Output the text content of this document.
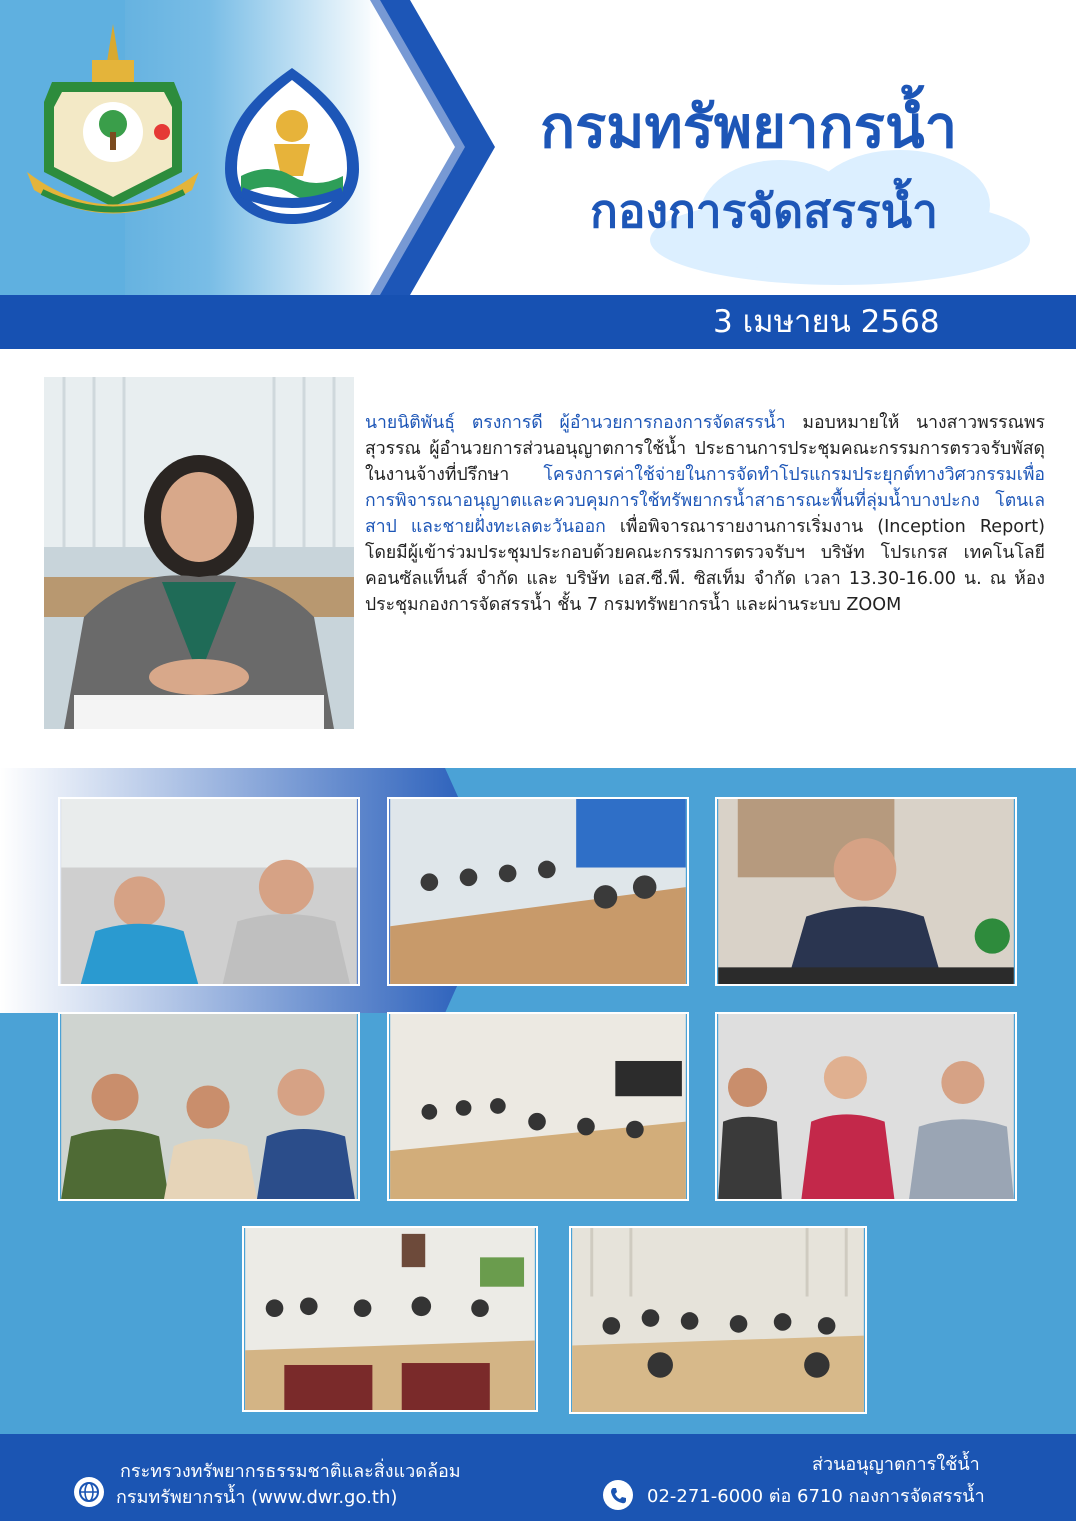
กรมทรัพยากรน้ำ
กองการจัดสรรน้ำ
3 เมษายน 2568
นายนิติพันธุ์ ตรงการดี ผู้อำนวยการกองการจัดสรรน้ำ มอบหมายให้ นางสาวพรรณพร สุวรรณ ผู้อำนวยการส่วนอนุญาตการใช้น้ำ ประธานการประชุมคณะกรรมการตรวจรับพัสดุในงานจ้างที่ปรึกษา โครงการค่าใช้จ่ายในการจัดทำโปรแกรมประยุกต์ทางวิศวกรรมเพื่อการพิจารณาอนุญาตและควบคุมการใช้ทรัพยากรน้ำสาธารณะพื้นที่ลุ่มน้ำบางปะกง โตนเลสาป และชายฝั่งทะเลตะวันออก เพื่อพิจารณารายงานการเริ่มงาน (Inception Report) โดยมีผู้เข้าร่วมประชุมประกอบด้วยคณะกรรมการตรวจรับฯ บริษัท โปรเกรส เทคโนโลยี คอนซัลแท็นส์ จำกัด และ บริษัท เอส.ซี.พี. ซิสเท็ม จำกัด เวลา 13.30-16.00 น. ณ ห้องประชุมกองการจัดสรรน้ำ ชั้น 7 กรมทรัพยากรน้ำ และผ่านระบบ ZOOM
กระทรวงทรัพยากรธรรมชาติและสิ่งแวดล้อม
กรมทรัพยากรน้ำ (www.dwr.go.th)
ส่วนอนุญาตการใช้น้ำ
02-271-6000 ต่อ 6710 กองการจัดสรรน้ำ
